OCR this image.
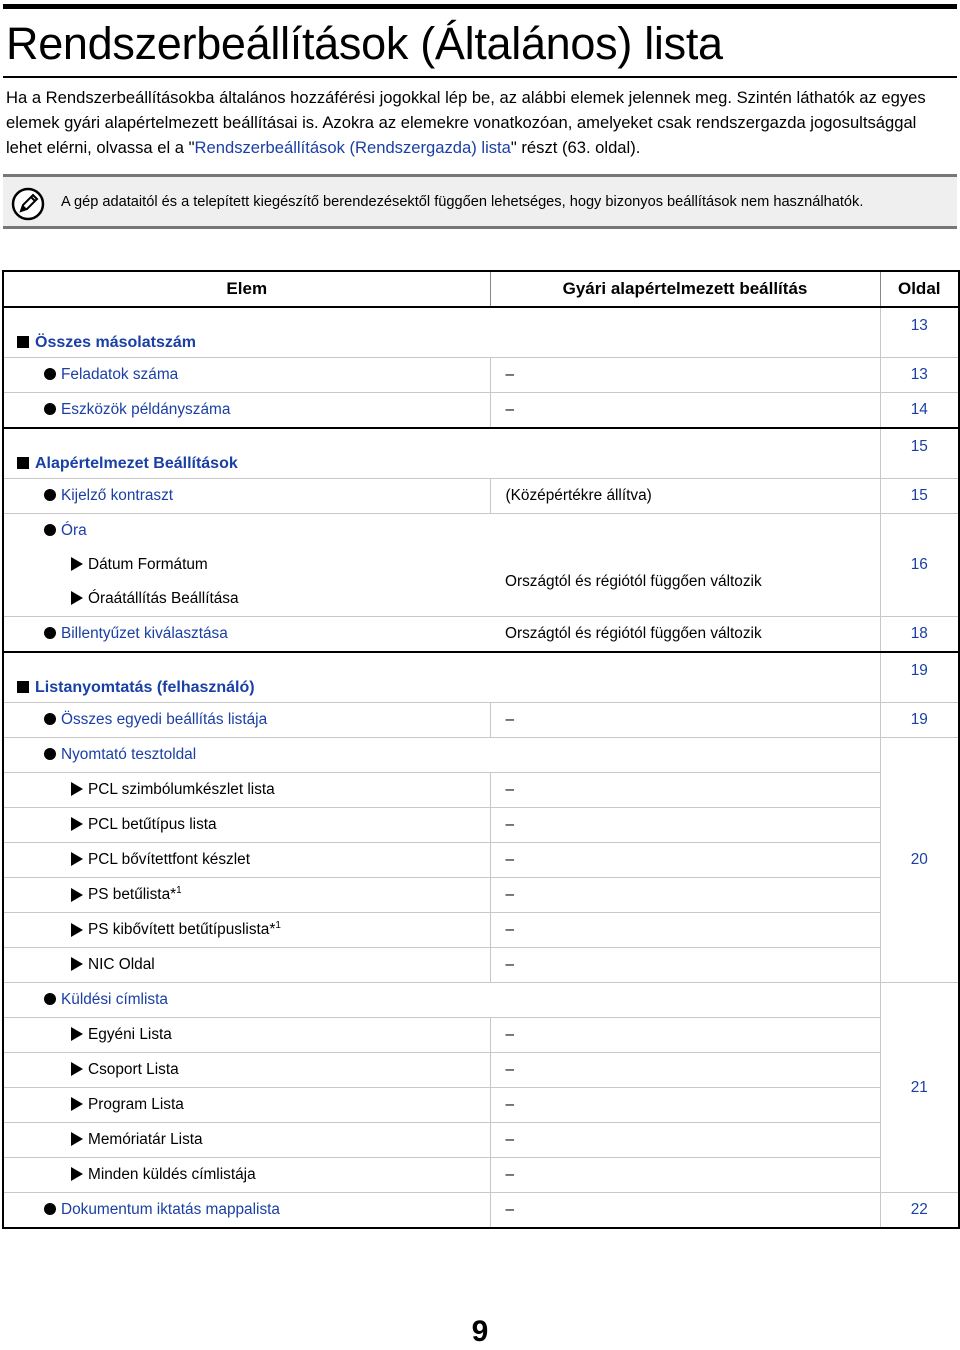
Rendszerbeállítások (Általános) lista

Ha a Rendszerbeállításokba általános hozzáférési jogokkal lép be, az alábbi elemek jelennek meg. Szintén láthatók az egyes elemek gyári alapértelmezett beállításai is. Azokra az elemekre vonatkozóan, amelyeket csak rendszergazda jogosultsággal lehet elérni, olvassa el a "Rendszerbeállítások (Rendszergazda) lista" részt (63. oldal).

A gép adataitól és a telepített kiegészítő berendezésektől függően lehetséges, hogy bizonyos beállítások nem használhatók.
Elem	Gyári alapértelmezett beállítás	Oldal
Összes másolatszám		13
Feladatok száma	–	13
Eszközök példányszáma	–	14
Alapértelmezet Beállítások		15
Kijelző kontraszt	(Középértékre állítva)	15
Óra		16
Dátum Formátum	Országtól és régiótól függően változik	
Óraátállítás Beállítása		
Billentyűzet kiválasztása	Országtól és régiótól függően változik	18
Listanyomtatás (felhasználó)		19
Összes egyedi beállítás listája	–	19
Nyomtató tesztoldal		20
PCL szimbólumkészlet lista	–	
PCL betűtípus lista	–	
PCL bővítettfont készlet	–	
PS betűlista*$^1$	–	
PS kibővített betűtípuslista*$^1$	–	
NIC Oldal	–	
Küldési címlista		21
Egyéni Lista	–	
Csoport Lista	–	
Program Lista	–	
Memóriatár Lista	–	
Minden küldés címlistája	–	
Dokumentum iktatás mappalista	–	22
9
